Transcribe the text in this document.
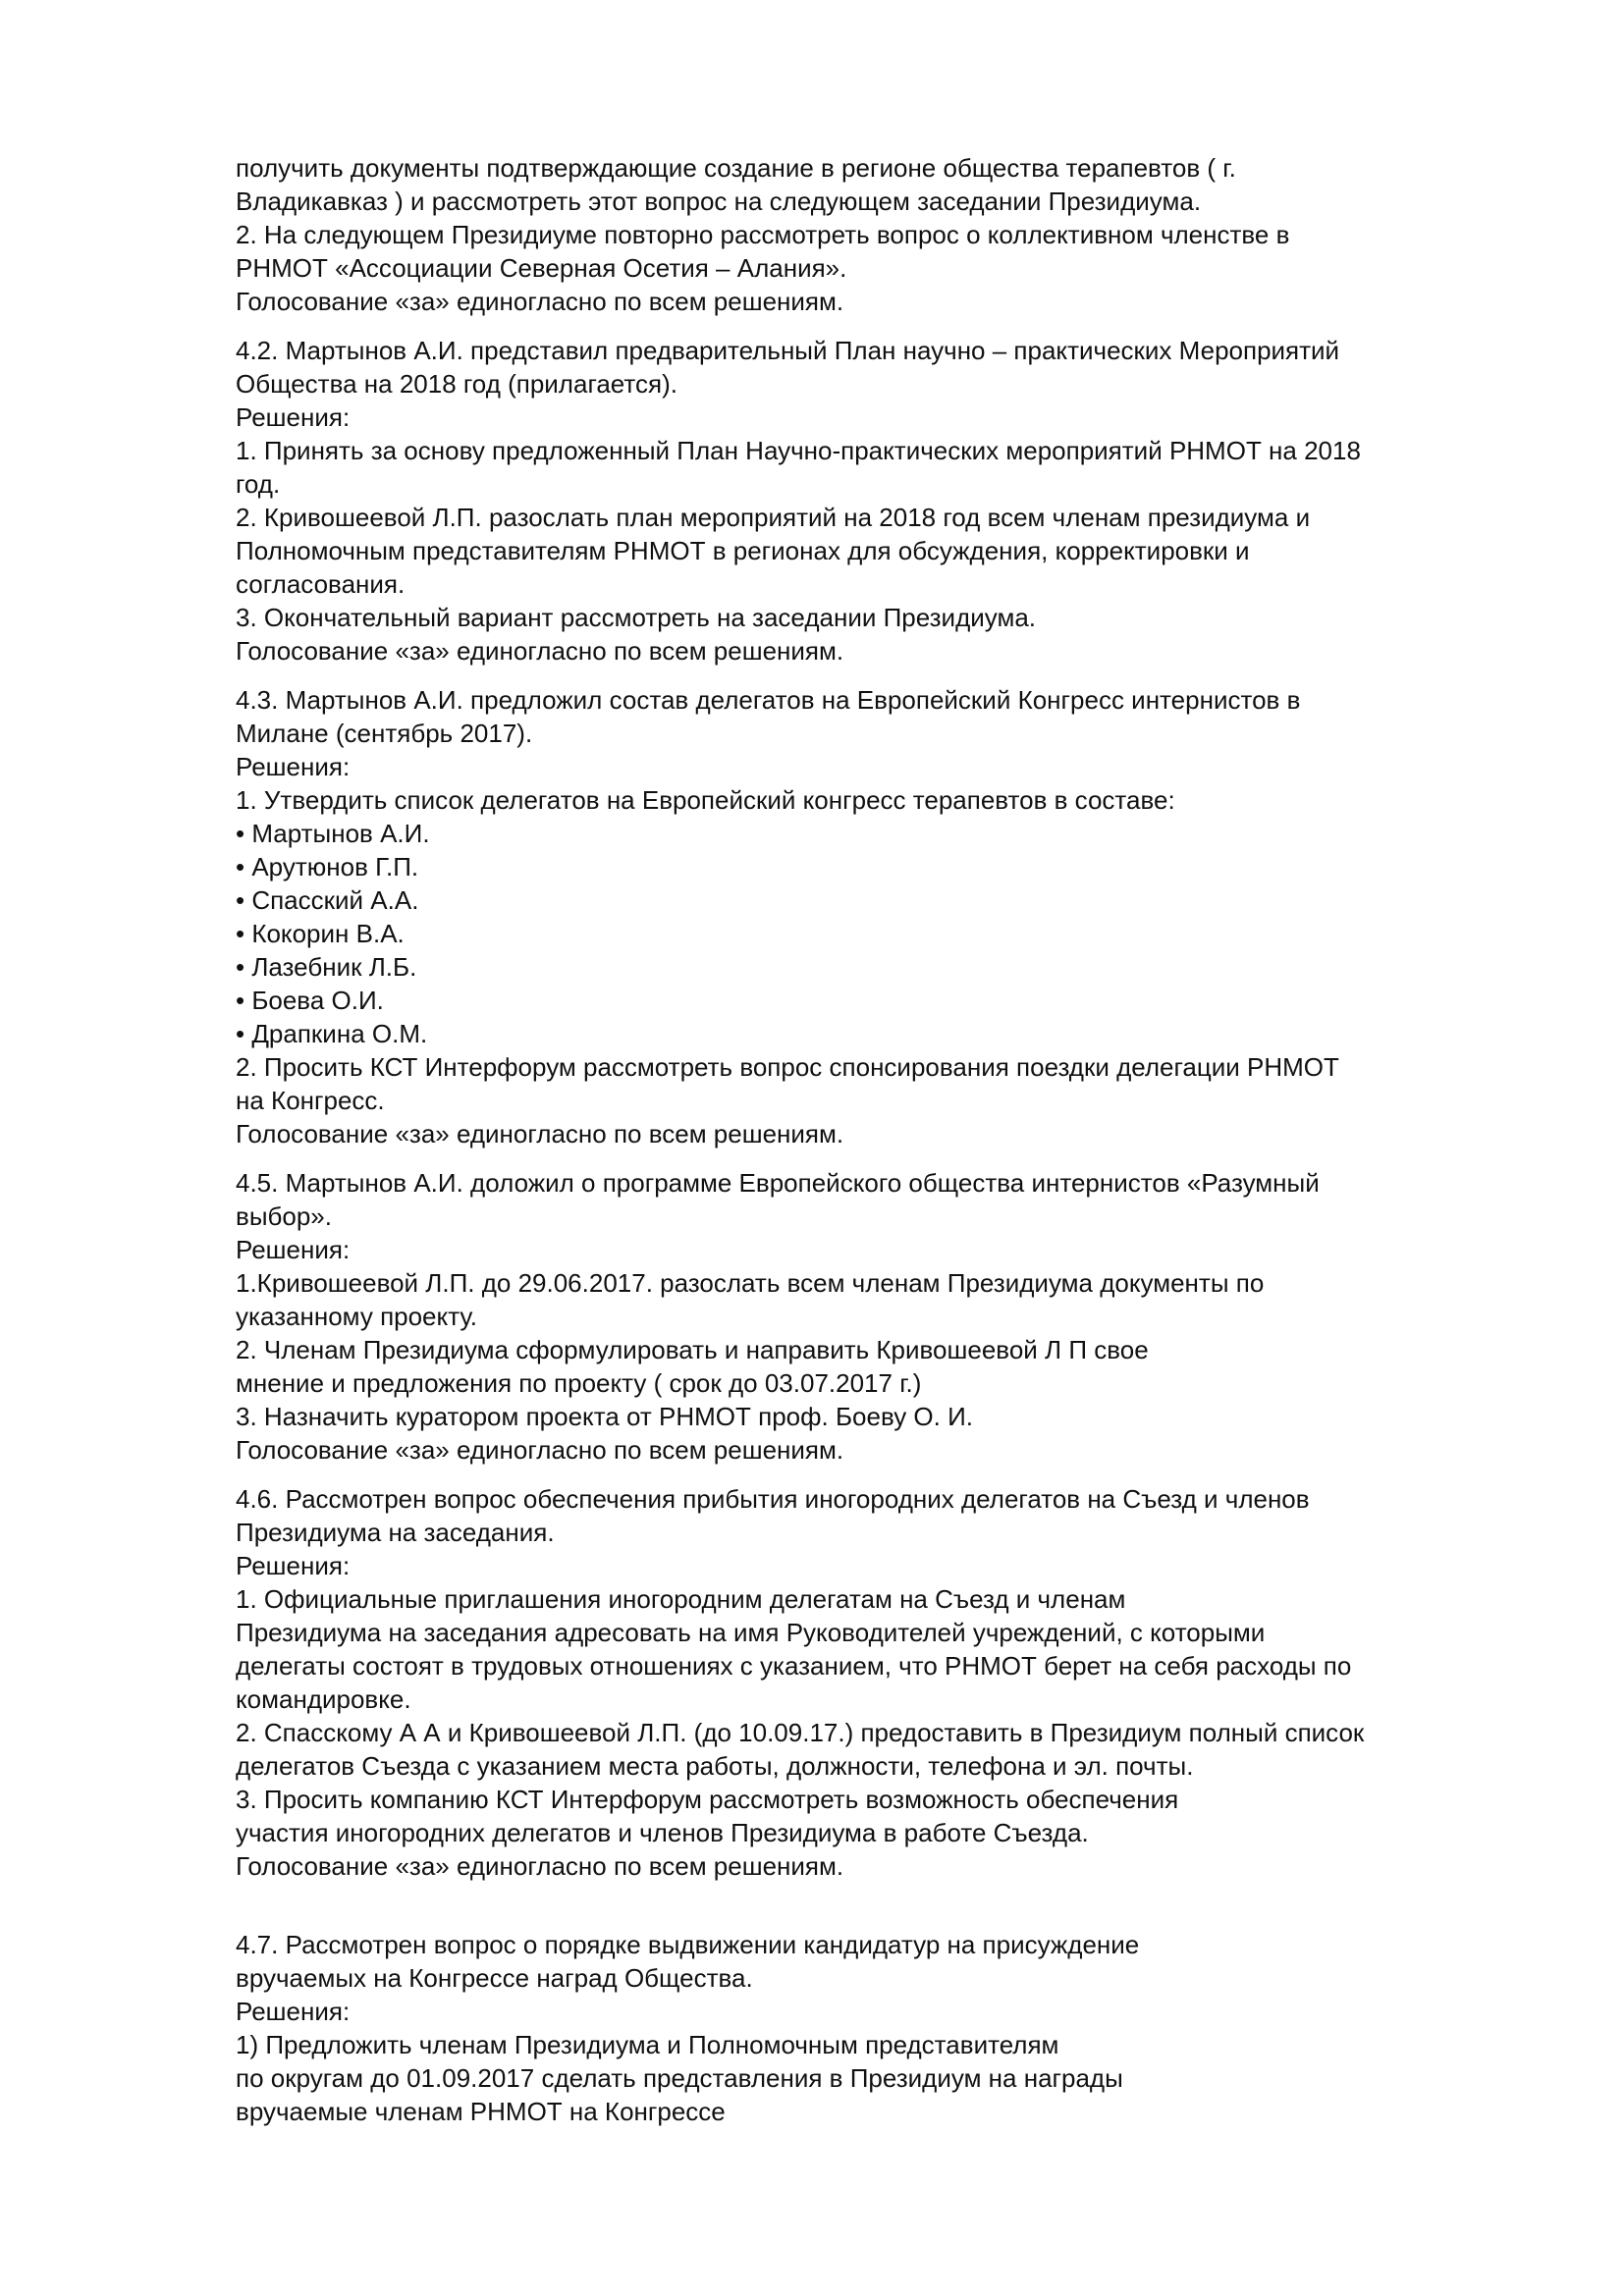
получить документы подтверждающие создание в регионе общества терапевтов ( г.

Владикавказ ) и рассмотреть этот вопрос на следующем заседании Президиума.

2. На следующем Президиуме повторно рассмотреть вопрос о коллективном членстве в

РНМОТ «Ассоциации Северная Осетия – Алания».

Голосование «за» единогласно по всем решениям.

4.2. Мартынов А.И. представил предварительный План научно – практических Мероприятий

Общества на 2018 год (прилагается).

Решения:

1. Принять за основу предложенный План Научно-практических мероприятий РНМОТ на 2018

год.

2. Кривошеевой Л.П. разослать план мероприятий на 2018 год всем членам президиума и

Полномочным представителям РНМОТ в регионах для обсуждения, корректировки и

согласования.

3. Окончательный вариант рассмотреть на заседании Президиума.

Голосование «за» единогласно по всем решениям.

4.3. Мартынов А.И. предложил состав делегатов на Европейский Конгресс интернистов в

Милане (сентябрь 2017).

Решения:

1. Утвердить список делегатов на Европейский конгресс терапевтов в составе:

• Мартынов А.И.

• Арутюнов Г.П.

• Спасский А.А.

• Кокорин В.А.

• Лазебник Л.Б.

• Боева О.И.

• Драпкина О.М.

2. Просить КСТ Интерфорум рассмотреть вопрос спонсирования поездки делегации РНМОТ

на Конгресс.

Голосование «за» единогласно по всем решениям.

4.5. Мартынов А.И. доложил о программе Европейского общества интернистов «Разумный

выбор».

Решения:

1.Кривошеевой Л.П. до 29.06.2017. разослать всем членам Президиума документы по

указанному проекту.

2. Членам Президиума сформулировать и направить Кривошеевой Л П свое

мнение и предложения по проекту ( срок до 03.07.2017 г.)

3. Назначить куратором проекта от РНМОТ проф. Боеву О. И.

Голосование «за» единогласно по всем решениям.

4.6. Рассмотрен вопрос обеспечения прибытия иногородних делегатов на Съезд и членов

Президиума на заседания.

Решения:

1. Официальные приглашения иногородним делегатам на Съезд и членам

Президиума на заседания адресовать на имя Руководителей учреждений, с которыми

делегаты состоят в трудовых отношениях с указанием, что РНМОТ берет на себя расходы по

командировке.

2. Спасскому А А и Кривошеевой Л.П. (до 10.09.17.) предоставить в Президиум полный список

делегатов Съезда с указанием места работы, должности, телефона и эл. почты.

3. Просить компанию КСТ Интерфорум рассмотреть возможность обеспечения

участия иногородних делегатов и членов Президиума в работе Съезда.

Голосование «за» единогласно по всем решениям.

4.7. Рассмотрен вопрос о порядке выдвижении кандидатур на присуждение

вручаемых на Конгрессе наград Общества.

Решения:

1) Предложить членам Президиума и Полномочным представителям

по округам до 01.09.2017 сделать представления в Президиум на награды

вручаемые членам РНМОТ на Конгрессе
